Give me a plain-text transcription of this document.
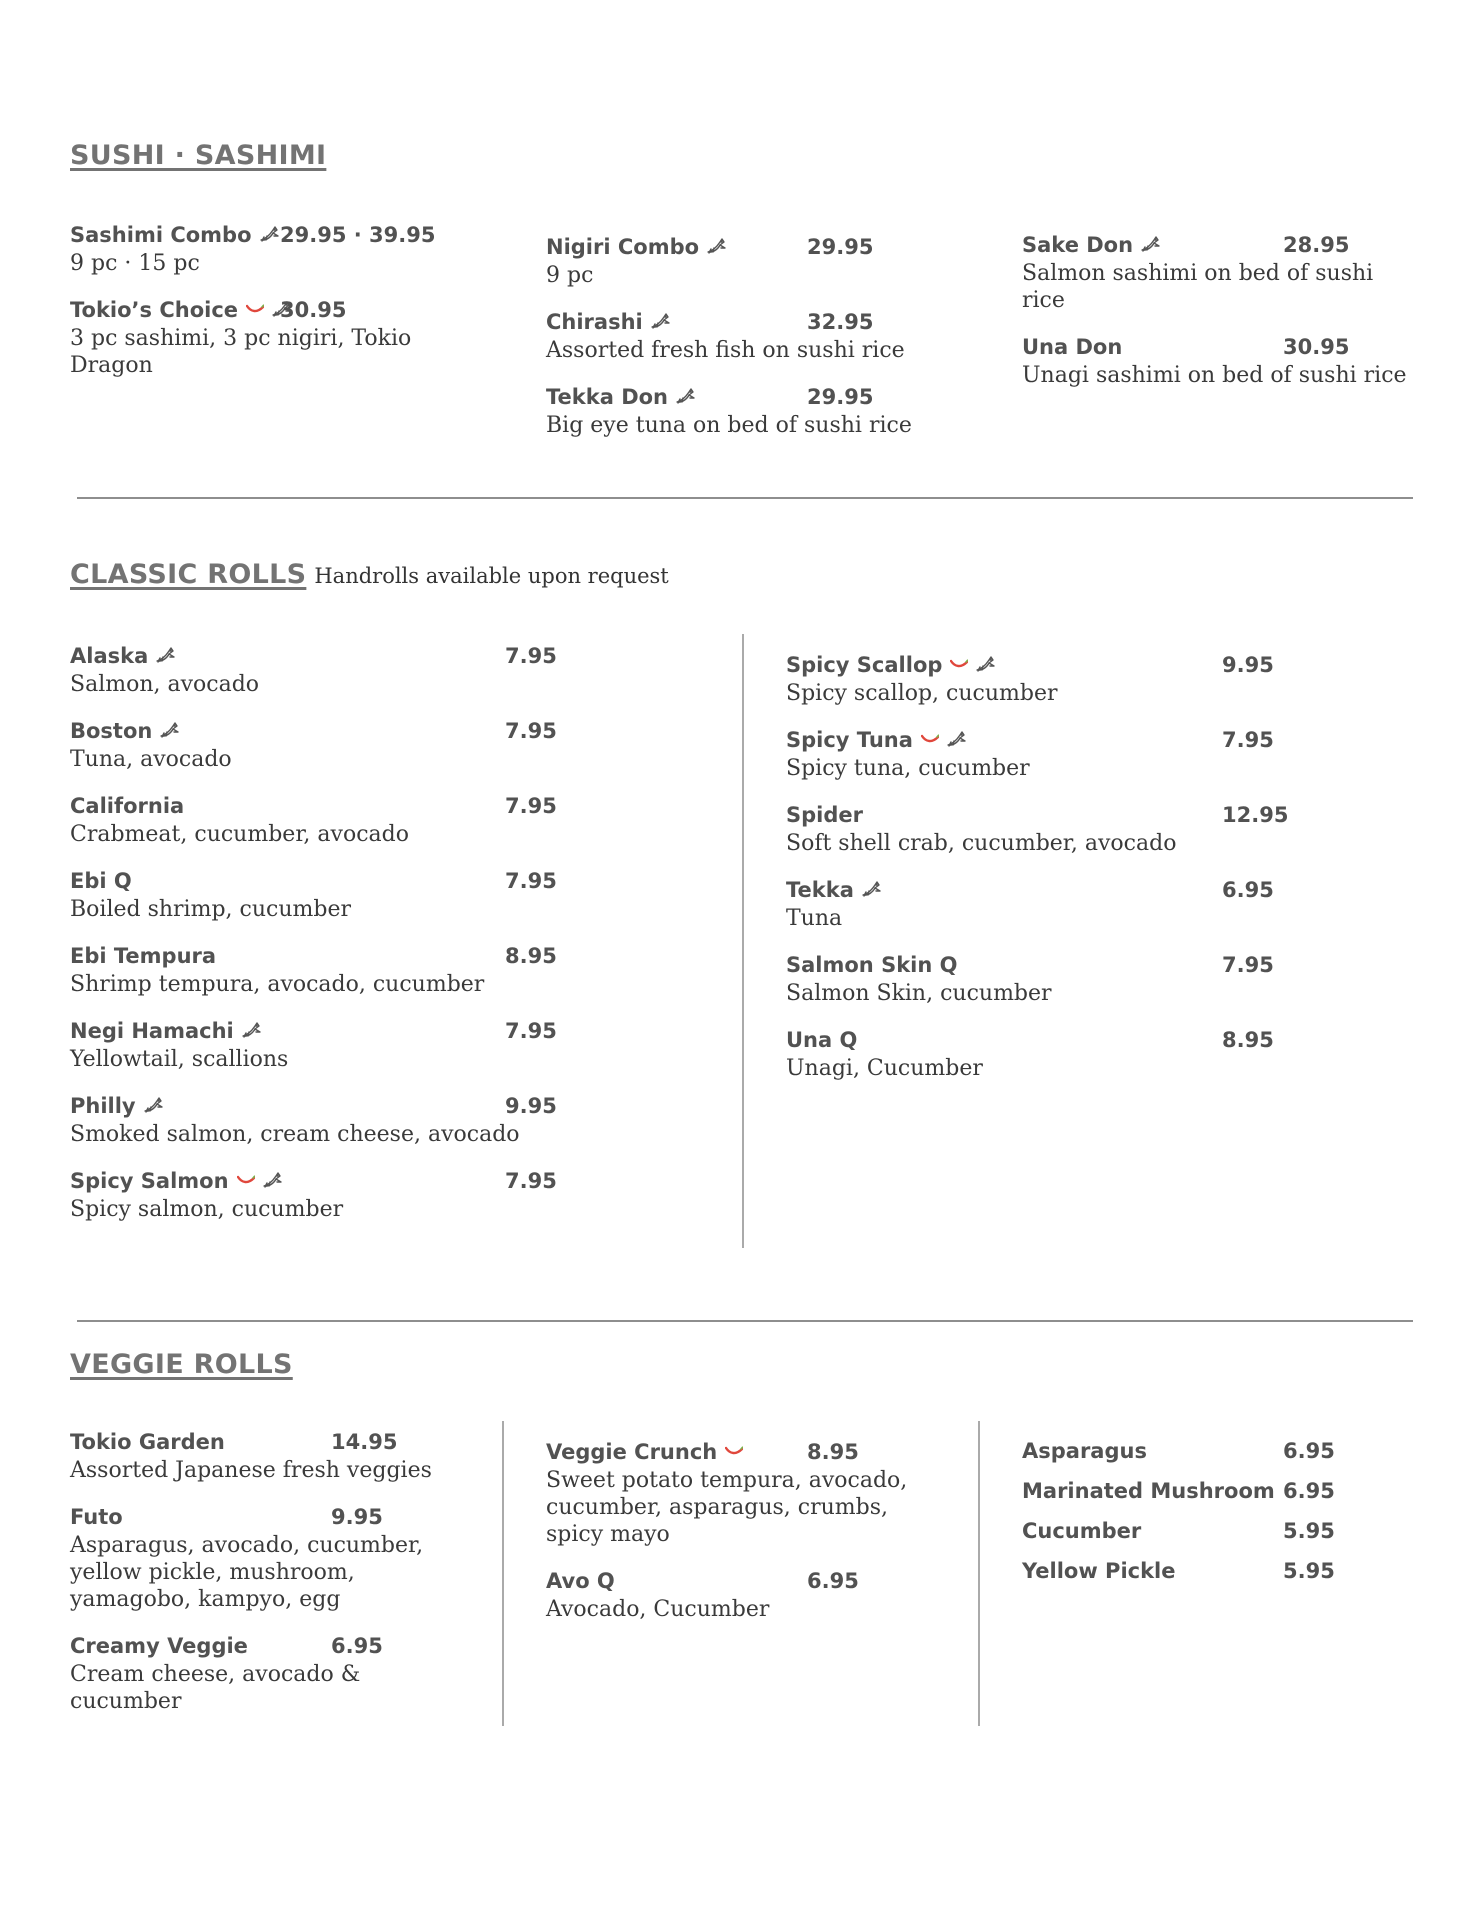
SUSHI · SASHIMI
Sashimi Combo 29.95 · 39.95
9 pc · 15 pc
Tokio’s Choice 30.95
3 pc sashimi, 3 pc nigiri, Tokio Dragon
Nigiri Combo	29.95
9 pc
Chirashi	32.95
Assorted fresh fish on sushi rice
Tekka Don	29.95
Big eye tuna on bed of sushi rice
Sake Don	28.95
Salmon sashimi on bed of sushi rice
Una Don	30.95
Unagi sashimi on bed of sushi rice
CLASSIC ROLLS Handrolls available upon request
Alaska	7.95
Salmon, avocado
Boston	7.95
Tuna, avocado
California	7.95
Crabmeat, cucumber, avocado
Ebi Q	7.95
Boiled shrimp, cucumber
Ebi Tempura	8.95
Shrimp tempura, avocado, cucumber
Negi Hamachi	7.95
Yellowtail, scallions
Philly	9.95
Smoked salmon, cream cheese, avocado
Spicy Salmon	7.95
Spicy salmon, cucumber
Spicy Scallop	9.95
Spicy scallop, cucumber
Spicy Tuna	7.95
Spicy tuna, cucumber
Spider	12.95
Soft shell crab, cucumber, avocado
Tekka	6.95
Tuna
Salmon Skin Q	7.95
Salmon Skin, cucumber
Una Q	8.95
Unagi, Cucumber
VEGGIE ROLLS
Tokio Garden	14.95
Assorted Japanese fresh veggies
Futo	9.95
Asparagus, avocado, cucumber, yellow pickle, mushroom, yamagobo, kampyo, egg
Creamy Veggie	6.95
Cream cheese, avocado & cucumber
Veggie Crunch	8.95
Sweet potato tempura, avocado, cucumber, asparagus, crumbs, spicy mayo
Avo Q	6.95
Avocado, Cucumber
Asparagus	6.95
Marinated Mushroom 6.95
Cucumber	5.95
Yellow Pickle	5.95
